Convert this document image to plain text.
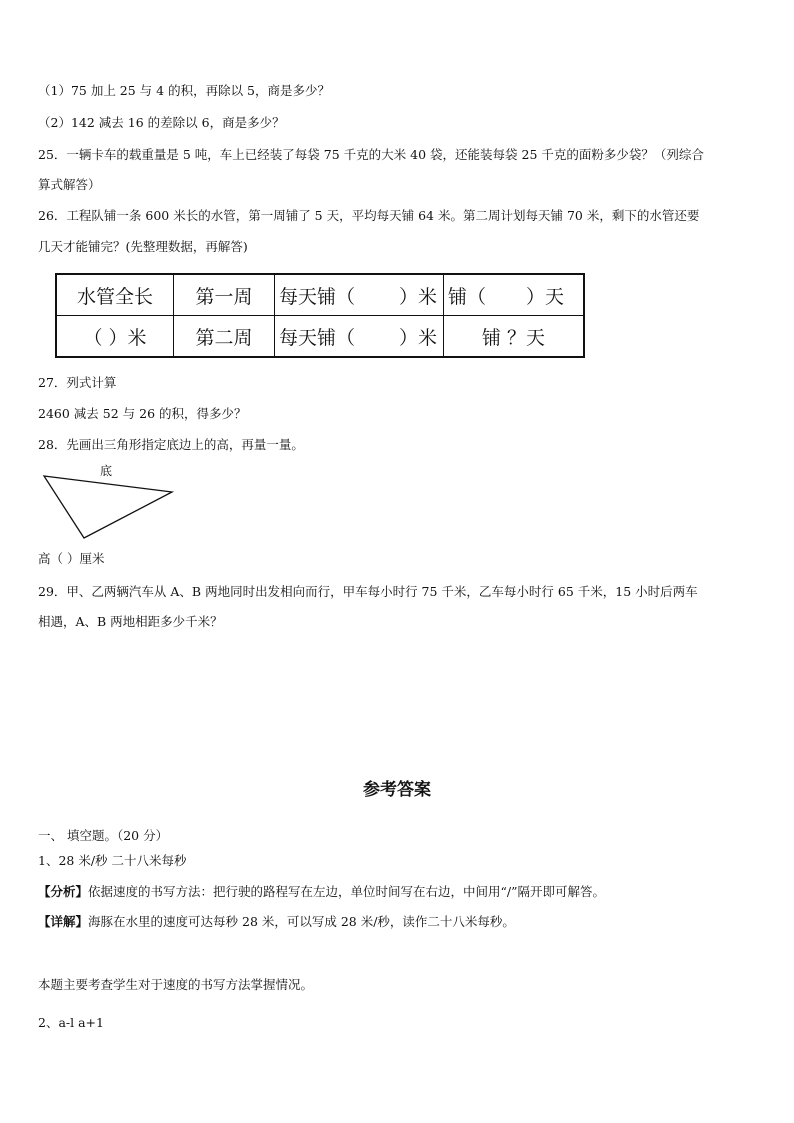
（1）75 加上 25 与 4 的积，再除以 5，商是多少？
（2）142 减去 16 的差除以 6，商是多少？
25．一辆卡车的载重量是 5 吨，车上已经装了每袋 75 千克的大米 40 袋，还能装每袋 25 千克的面粉多少袋？（列综合
算式解答）
26．工程队铺一条 600 米长的水管，第一周铺了 5 天，平均每天铺 64 米。第二周计划每天铺 70 米，剩下的水管还要
几天才能铺完？(先整理数据，再解答)
水管全长	第一周	每天铺（ ）米	铺（ ）天
（ ）米	第二周	每天铺（ ）米	铺 ？天
27．列式计算
2460 减去 52 与 26 的积，得多少？
28．先画出三角形指定底边上的高，再量一量。
底
高（ ）厘米
29．甲、乙两辆汽车从 A、B 两地同时出发相向而行，甲车每小时行 75 千米，乙车每小时行 65 千米，15 小时后两车
相遇，A、B 两地相距多少千米？
参考答案
一、 填空题。（20 分）
1、28 米/秒 二十八米每秒
【分析】依据速度的书写方法：把行驶的路程写在左边，单位时间写在右边，中间用“/”隔开即可解答。
【详解】海豚在水里的速度可达每秒 28 米，可以写成 28 米/秒，读作二十八米每秒。
本题主要考查学生对于速度的书写方法掌握情况。
2、a-l a+1
